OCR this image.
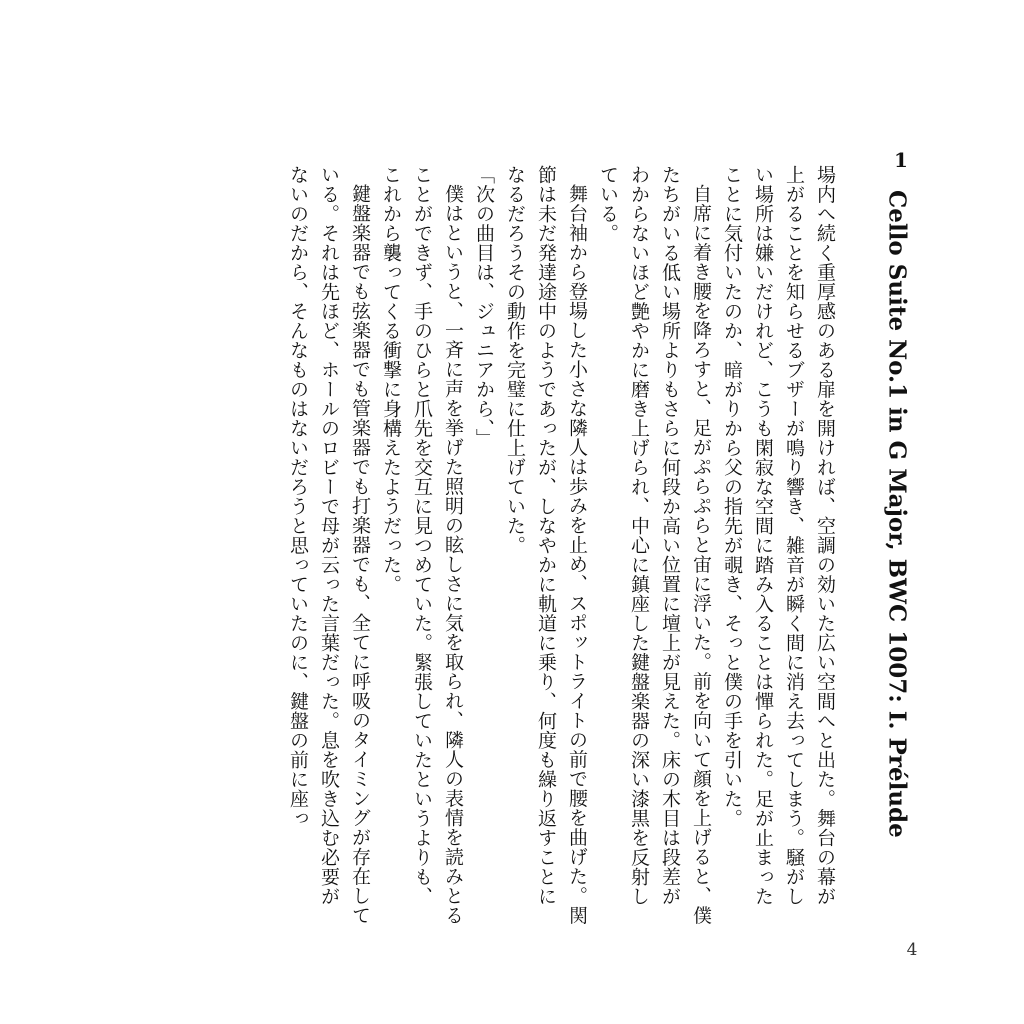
1
Cello Suite No.1 in G Major, BWC 1007: I. Prélude

場内へ続く重厚感のある扉を開ければ、空調の効いた広い空間へと出た。舞台の幕が上がることを知らせるブザーが鳴り響き、雑音が瞬く間に消え去ってしまう。騒がしい場所は嫌いだけれど、こうも閑寂な空間に踏み入ることは憚られた。足が止まったことに気付いたのか、暗がりから父の指先が覗き、そっと僕の手を引いた。

自席に着き腰を降ろすと、足がぷらぷらと宙に浮いた。前を向いて顔を上げると、僕たちがいる低い場所よりもさらに何段か高い位置に壇上が見えた。床の木目は段差がわからないほど艶やかに磨き上げられ、中心に鎮座した鍵盤楽器の深い漆黒を反射している。

舞台袖から登場した小さな隣人は歩みを止め、スポットライトの前で腰を曲げた。関節は未だ発達途中のようであったが、しなやかに軌道に乗り、何度も繰り返すことになるだろうその動作を完璧に仕上げていた。

「次の曲目は、ジュニアから、」

僕はというと、一斉に声を挙げた照明の眩しさに気を取られ、隣人の表情を読みとることができず、手のひらと爪先を交互に見つめていた。緊張していたというよりも、これから襲ってくる衝撃に身構えたようだった。

鍵盤楽器でも弦楽器でも管楽器でも打楽器でも、全てに呼吸のタイミングが存在している。それは先ほど、ホールのロビーで母が云った言葉だった。息を吹き込む必要がないのだから、そんなものはないだろうと思っていたのに、鍵盤の前に座っ

4
